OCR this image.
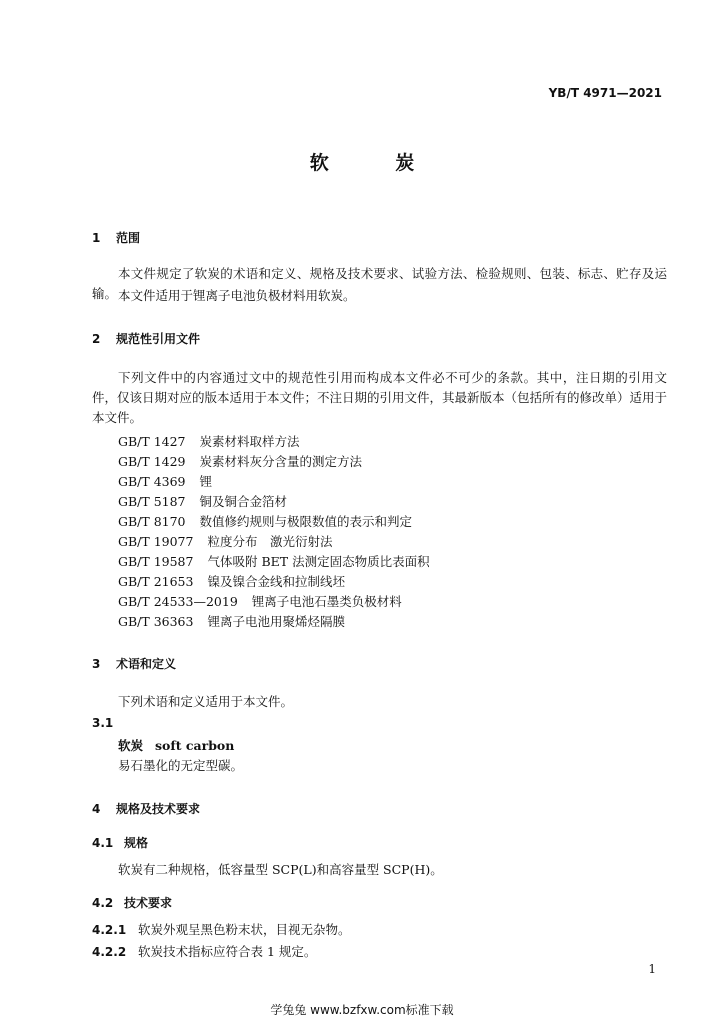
YB/T 4971—2021
软 炭
1 范围
本文件规定了软炭的术语和定义、规格及技术要求、试验方法、检验规则、包装、标志、贮存及运输。 本文件适用于锂离子电池负极材料用软炭。
2 规范性引用文件
下列文件中的内容通过文中的规范性引用而构成本文件必不可少的条款。其中，注日期的引用文件，仅该日期对应的版本适用于本文件；不注日期的引用文件，其最新版本（包括所有的修改单）适用于本文件。
GB/T 1427 炭素材料取样方法
GB/T 1429 炭素材料灰分含量的测定方法
GB/T 4369 锂
GB/T 5187 铜及铜合金箔材
GB/T 8170 数值修约规则与极限数值的表示和判定
GB/T 19077 粒度分布　激光衍射法
GB/T 19587 气体吸附 BET 法测定固态物质比表面积
GB/T 21653 镍及镍合金线和拉制线坯
GB/T 24533—2019 锂离子电池石墨类负极材料
GB/T 36363 锂离子电池用聚烯烃隔膜
3 术语和定义
下列术语和定义适用于本文件。
3.1
软炭 soft carbon
易石墨化的无定型碳。
4 规格及技术要求
4.1 规格
软炭有二种规格，低容量型 SCP(L)和高容量型 SCP(H)。
4.2 技术要求
4.2.1 软炭外观呈黑色粉末状，目视无杂物。
4.2.2 软炭技术指标应符合表 1 规定。
1
学兔兔 www.bzfxw.com标准下载
